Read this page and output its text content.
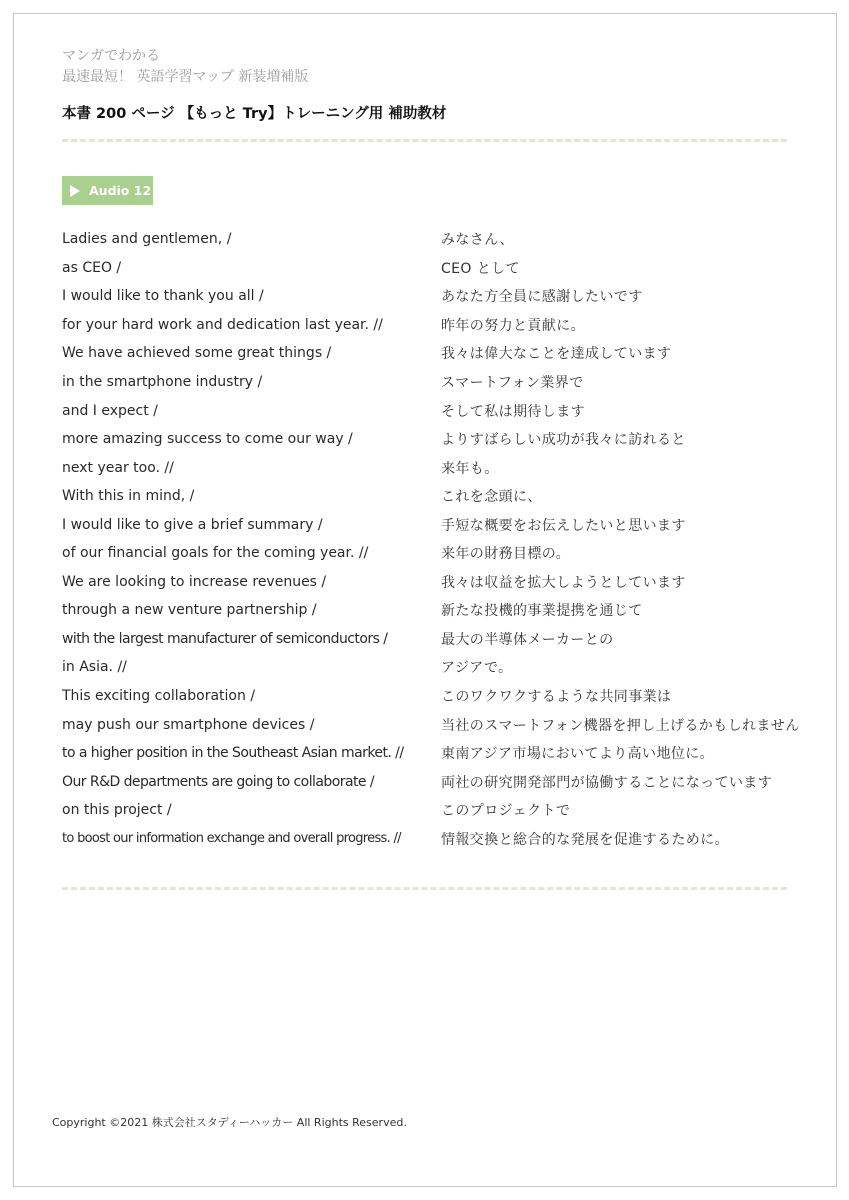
マンガでわかる
最速最短！ 英語学習マップ 新装増補版
本書 200 ページ 【もっと Try】トレーニング用 補助教材
Audio 12
Ladies and gentlemen, /	みなさん、
as CEO /	CEO として
I would like to thank you all /	あなた方全員に感謝したいです
for your hard work and dedication last year. //	昨年の努力と貢献に。
We have achieved some great things /	我々は偉大なことを達成しています
in the smartphone industry /	スマートフォン業界で
and I expect /	そして私は期待します
more amazing success to come our way /	よりすばらしい成功が我々に訪れると
next year too. //	来年も。
With this in mind, /	これを念頭に、
I would like to give a brief summary /	手短な概要をお伝えしたいと思います
of our financial goals for the coming year. //	来年の財務目標の。
We are looking to increase revenues /	我々は収益を拡大しようとしています
through a new venture partnership /	新たな投機的事業提携を通じて
with the largest manufacturer of semiconductors /	最大の半導体メーカーとの
in Asia. //	アジアで。
This exciting collaboration /	このワクワクするような共同事業は
may push our smartphone devices /	当社のスマートフォン機器を押し上げるかもしれません
to a higher position in the Southeast Asian market. //	東南アジア市場においてより高い地位に。
Our R&D departments are going to collaborate /	両社の研究開発部門が協働することになっています
on this project /	このプロジェクトで
to boost our information exchange and overall progress. //	情報交換と総合的な発展を促進するために。
Copyright ©2021 株式会社スタディーハッカー All Rights Reserved.
